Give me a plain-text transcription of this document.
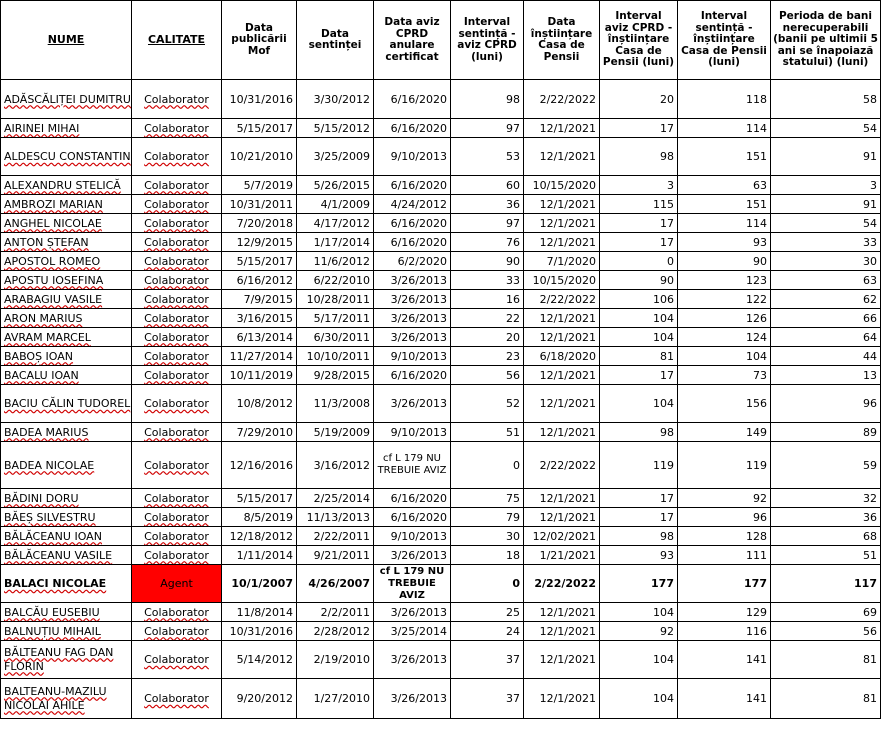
NUME	CALITATE	Data publicării Mof	Data sentinței	Data aviz CPRD anulare certificat	Interval sentință - aviz CPRD (luni)	Data înștiințare Casa de Pensii	Interval aviz CPRD - înștiințare Casa de Pensii (luni)	Interval sentință - înștiințare Casa de Pensii (luni)	Perioda de bani nerecuperabili (banii pe ultimii 5 ani se înapoiază statului) (luni)
ADĂSCĂLIȚEI DUMITRU	Colaborator	10/31/2016	3/30/2012	6/16/2020	98	2/22/2022	20	118	58
AIRINEI MIHAI	Colaborator	5/15/2017	5/15/2012	6/16/2020	97	12/1/2021	17	114	54
ALDESCU CONSTANTIN	Colaborator	10/21/2010	3/25/2009	9/10/2013	53	12/1/2021	98	151	91
ALEXANDRU STELICĂ	Colaborator	5/7/2019	5/26/2015	6/16/2020	60	10/15/2020	3	63	3
AMBROZI MARIAN	Colaborator	10/31/2011	4/1/2009	4/24/2012	36	12/1/2021	115	151	91
ANGHEL NICOLAE	Colaborator	7/20/2018	4/17/2012	6/16/2020	97	12/1/2021	17	114	54
ANTON ȘTEFAN	Colaborator	12/9/2015	1/17/2014	6/16/2020	76	12/1/2021	17	93	33
APOSTOL ROMEO	Colaborator	5/15/2017	11/6/2012	6/2/2020	90	7/1/2020	0	90	30
APOSTU IOSEFINA	Colaborator	6/16/2012	6/22/2010	3/26/2013	33	10/15/2020	90	123	63
ARABAGIU VASILE	Colaborator	7/9/2015	10/28/2011	3/26/2013	16	2/22/2022	106	122	62
ARON MARIUS	Colaborator	3/16/2015	5/17/2011	3/26/2013	22	12/1/2021	104	126	66
AVRAM MARCEL	Colaborator	6/13/2014	6/30/2011	3/26/2013	20	12/1/2021	104	124	64
BABOȘ IOAN	Colaborator	11/27/2014	10/10/2011	9/10/2013	23	6/18/2020	81	104	44
BACALU IOAN	Colaborator	10/11/2019	9/28/2015	6/16/2020	56	12/1/2021	17	73	13
BACIU CĂLIN TUDOREL	Colaborator	10/8/2012	11/3/2008	3/26/2013	52	12/1/2021	104	156	96
BADEA MARIUS	Colaborator	7/29/2010	5/19/2009	9/10/2013	51	12/1/2021	98	149	89
BADEA NICOLAE	Colaborator	12/16/2016	3/16/2012	cf L 179 NU TREBUIE AVIZ	0	2/22/2022	119	119	59
BĂDINI DORU	Colaborator	5/15/2017	2/25/2014	6/16/2020	75	12/1/2021	17	92	32
BĂEȘ SILVESTRU	Colaborator	8/5/2019	11/13/2013	6/16/2020	79	12/1/2021	17	96	36
BĂLĂCEANU IOAN	Colaborator	12/18/2012	2/22/2011	9/10/2013	30	12/02/2021	98	128	68
BĂLĂCEANU VASILE	Colaborator	1/11/2014	9/21/2011	3/26/2013	18	1/21/2021	93	111	51
BALACI NICOLAE	Agent	10/1/2007	4/26/2007	cf L 179 NU TREBUIE AVIZ	0	2/22/2022	177	177	117
BALCĂU EUSEBIU	Colaborator	11/8/2014	2/2/2011	3/26/2013	25	12/1/2021	104	129	69
BALNUȚIU MIHAIL	Colaborator	10/31/2016	2/28/2012	3/25/2014	24	12/1/2021	92	116	56
BĂLTEANU FAG DAN FLORIN	Colaborator	5/14/2012	2/19/2010	3/26/2013	37	12/1/2021	104	141	81
BALTEANU-MAZILU NICOLAI AHILE	Colaborator	9/20/2012	1/27/2010	3/26/2013	37	12/1/2021	104	141	81
